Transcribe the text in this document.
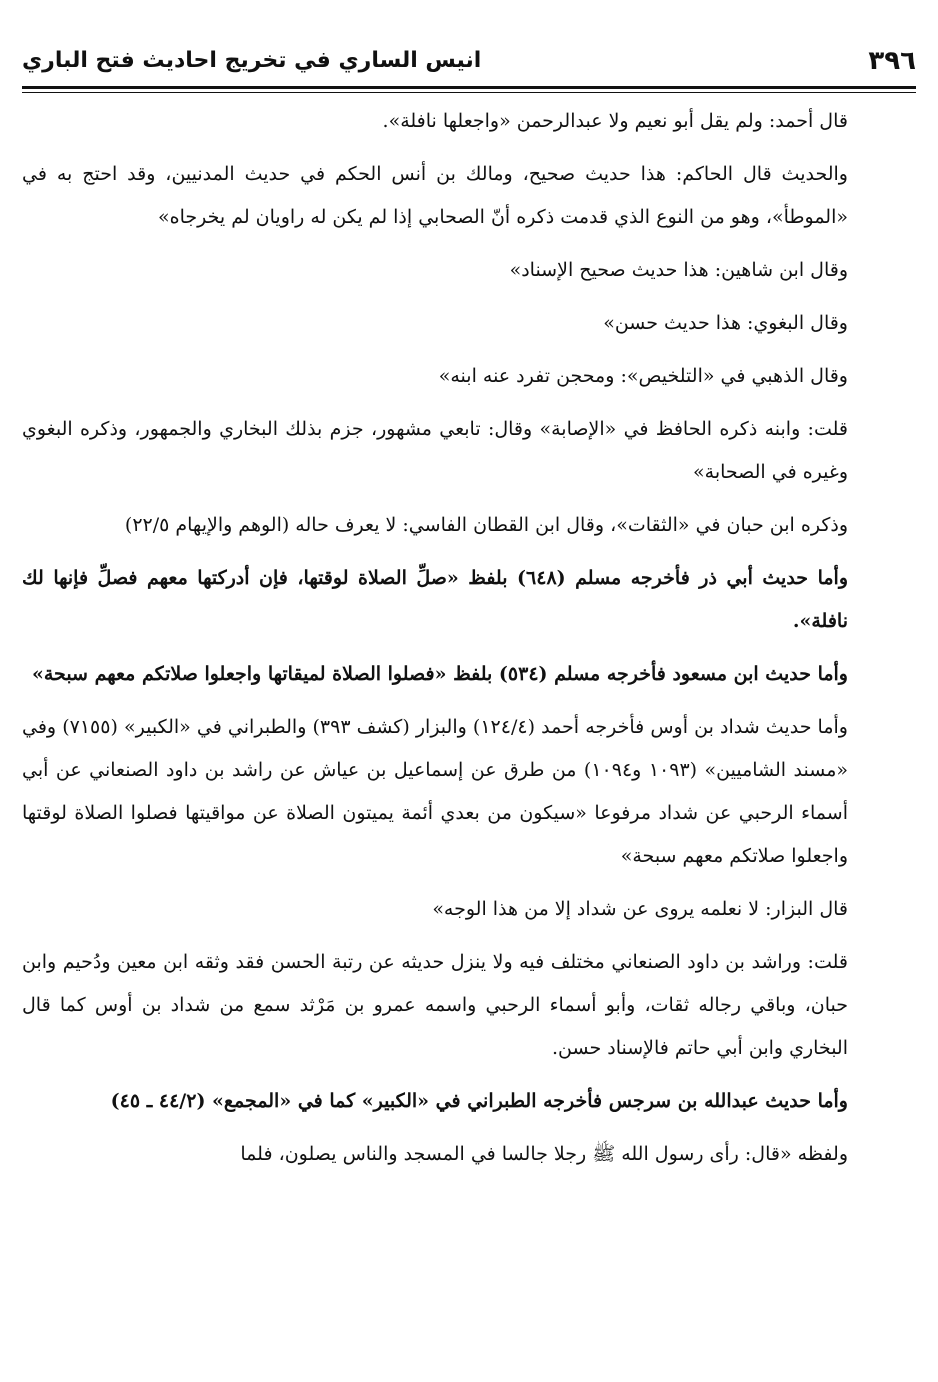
٣٩٦
انيس الساري في تخريج احاديث فتح الباري

قال أحمد: ولم يقل أبو نعيم ولا عبدالرحمن «واجعلها نافلة».

والحديث قال الحاكم: هذا حديث صحيح، ومالك بن أنس الحكم في حديث المدنيين، وقد احتج به في «الموطأ»، وهو من النوع الذي قدمت ذكره أنّ الصحابي إذا لم يكن له راويان لم يخرجاه»

وقال ابن شاهين: هذا حديث صحيح الإسناد»

وقال البغوي: هذا حديث حسن»

وقال الذهبي في «التلخيص»: ومحجن تفرد عنه ابنه»

قلت: وابنه ذكره الحافظ في «الإصابة» وقال: تابعي مشهور، جزم بذلك البخاري والجمهور، وذكره البغوي وغيره في الصحابة»

وذكره ابن حبان في «الثقات»، وقال ابن القطان الفاسي: لا يعرف حاله (الوهم والإيهام ٢٢/٥)

وأما حديث أبي ذر فأخرجه مسلم (٦٤٨) بلفظ «صلِّ الصلاة لوقتها، فإن أدركتها معهم فصلِّ فإنها لك نافلة».

وأما حديث ابن مسعود فأخرجه مسلم (٥٣٤) بلفظ «فصلوا الصلاة لميقاتها واجعلوا صلاتكم معهم سبحة»

وأما حديث شداد بن أوس فأخرجه أحمد (١٢٤/٤) والبزار (كشف ٣٩٣) والطبراني في «الكبير» (٧١٥٥) وفي «مسند الشاميين» (١٠٩٣ و١٠٩٤) من طرق عن إسماعيل بن عياش عن راشد بن داود الصنعاني عن أبي أسماء الرحبي عن شداد مرفوعا «سيكون من بعدي أئمة يميتون الصلاة عن مواقيتها فصلوا الصلاة لوقتها واجعلوا صلاتكم معهم سبحة»

قال البزار: لا نعلمه يروى عن شداد إلا من هذا الوجه»

قلت: وراشد بن داود الصنعاني مختلف فيه ولا ينزل حديثه عن رتبة الحسن فقد وثقه ابن معين ودُحيم وابن حبان، وباقي رجاله ثقات، وأبو أسماء الرحبي واسمه عمرو بن مَرْثد سمع من شداد بن أوس كما قال البخاري وابن أبي حاتم فالإسناد حسن.

وأما حديث عبدالله بن سرجس فأخرجه الطبراني في «الكبير» كما في «المجمع» (٤٤/٢ ـ ٤٥)

ولفظه «قال: رأى رسول الله ﷺ رجلا جالسا في المسجد والناس يصلون، فلما
